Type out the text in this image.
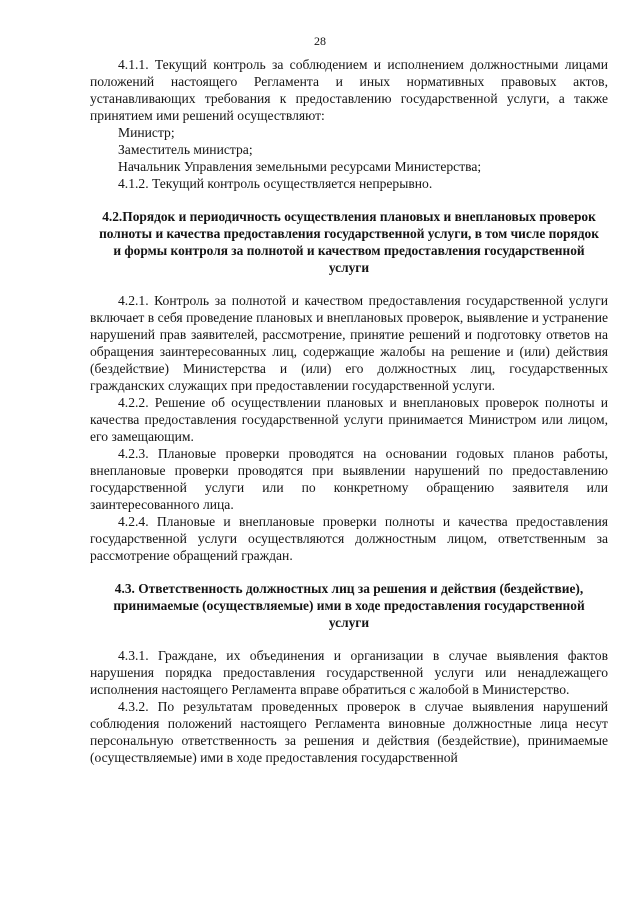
28

4.1.1. Текущий контроль за соблюдением и исполнением должностными лицами положений настоящего Регламента и иных нормативных правовых актов, устанавливающих требования к предоставлению государственной услуги, а также принятием ими решений осуществляют:

Министр;

Заместитель министра;

Начальник Управления земельными ресурсами Министерства;

4.1.2. Текущий контроль осуществляется непрерывно.

4.2.Порядок и периодичность осуществления плановых и внеплановых проверок полноты и качества предоставления государственной услуги, в том числе порядок и формы контроля за полнотой и качеством предоставления государственной услуги

4.2.1. Контроль за полнотой и качеством предоставления государственной услуги включает в себя проведение плановых и внеплановых проверок, выявление и устранение нарушений прав заявителей, рассмотрение, принятие решений и подготовку ответов на обращения заинтересованных лиц, содержащие жалобы на решение и (или) действия (бездействие) Министерства и (или) его должностных лиц, государственных гражданских служащих при предоставлении государственной услуги.

4.2.2. Решение об осуществлении плановых и внеплановых проверок полноты и качества предоставления государственной услуги принимается Министром или лицом, его замещающим.

4.2.3. Плановые проверки проводятся на основании годовых планов работы, внеплановые проверки проводятся при выявлении нарушений по предоставлению государственной услуги или по конкретному обращению заявителя или заинтересованного лица.

4.2.4. Плановые и внеплановые проверки полноты и качества предоставления государственной услуги осуществляются должностным лицом, ответственным за рассмотрение обращений граждан.

4.3. Ответственность должностных лиц за решения и действия (бездействие), принимаемые (осуществляемые) ими в ходе предоставления государственной услуги

4.3.1. Граждане, их объединения и организации в случае выявления фактов нарушения порядка предоставления государственной услуги или ненадлежащего исполнения настоящего Регламента вправе обратиться с жалобой в Министерство.

4.3.2. По результатам проведенных проверок в случае выявления нарушений соблюдения положений настоящего Регламента виновные должностные лица несут персональную ответственность за решения и действия (бездействие), принимаемые (осуществляемые) ими в ходе предоставления государственной
